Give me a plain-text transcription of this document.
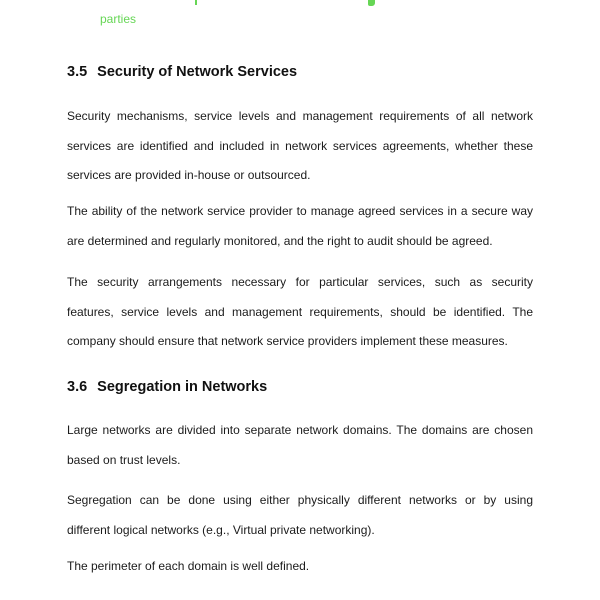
parties
3.5 Security of Network Services
Security mechanisms, service levels and management requirements of all network
services are identified and included in network services agreements, whether these
services are provided in-house or outsourced.
The ability of the network service provider to manage agreed services in a secure way
are determined and regularly monitored, and the right to audit should be agreed.
The security arrangements necessary for particular services, such as security
features, service levels and management requirements, should be identified. The
company should ensure that network service providers implement these measures.
3.6 Segregation in Networks
Large networks are divided into separate network domains. The domains are chosen
based on trust levels.
Segregation can be done using either physically different networks or by using
different logical networks (e.g., Virtual private networking).
The perimeter of each domain is well defined.
